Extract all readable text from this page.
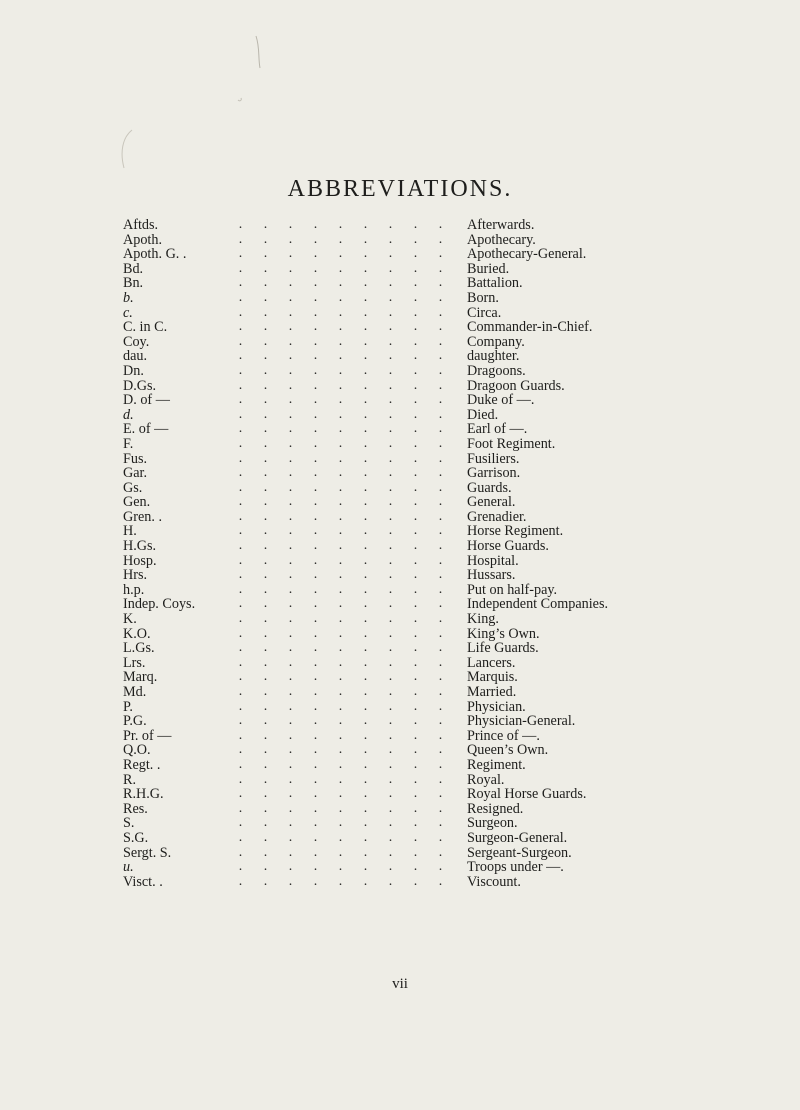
ABBREVIATIONS.
Aftds.	. . . . . . . . .	Afterwards.
Apoth.	. . . . . . . . .	Apothecary.
Apoth. G. .	. . . . . . . . .	Apothecary-General.
Bd.	. . . . . . . . .	Buried.
Bn.	. . . . . . . . .	Battalion.
b.	. . . . . . . . .	Born.
c.	. . . . . . . . .	Circa.
C. in C.	. . . . . . . . .	Commander-in-Chief.
Coy.	. . . . . . . . .	Company.
dau.	. . . . . . . . .	daughter.
Dn.	. . . . . . . . .	Dragoons.
D.Gs.	. . . . . . . . .	Dragoon Guards.
D. of —	. . . . . . . . .	Duke of —.
d.	. . . . . . . . .	Died.
E. of —	. . . . . . . . .	Earl of —.
F.	. . . . . . . . .	Foot Regiment.
Fus.	. . . . . . . . .	Fusiliers.
Gar.	. . . . . . . . .	Garrison.
Gs.	. . . . . . . . .	Guards.
Gen.	. . . . . . . . .	General.
Gren. .	. . . . . . . . .	Grenadier.
H.	. . . . . . . . .	Horse Regiment.
H.Gs.	. . . . . . . . .	Horse Guards.
Hosp.	. . . . . . . . .	Hospital.
Hrs.	. . . . . . . . .	Hussars.
h.p.	. . . . . . . . .	Put on half-pay.
Indep. Coys.	. . . . . . . . .	Independent Companies.
K.	. . . . . . . . .	King.
K.O.	. . . . . . . . .	King’s Own.
L.Gs.	. . . . . . . . .	Life Guards.
Lrs.	. . . . . . . . .	Lancers.
Marq.	. . . . . . . . .	Marquis.
Md.	. . . . . . . . .	Married.
P.	. . . . . . . . .	Physician.
P.G.	. . . . . . . . .	Physician-General.
Pr. of —	. . . . . . . . .	Prince of —.
Q.O.	. . . . . . . . .	Queen’s Own.
Regt. .	. . . . . . . . .	Regiment.
R.	. . . . . . . . .	Royal.
R.H.G.	. . . . . . . . .	Royal Horse Guards.
Res.	. . . . . . . . .	Resigned.
S.	. . . . . . . . .	Surgeon.
S.G.	. . . . . . . . .	Surgeon-General.
Sergt. S.	. . . . . . . . .	Sergeant-Surgeon.
u.	. . . . . . . . .	Troops under —.
Visct. .	. . . . . . . . .	Viscount.
vii
